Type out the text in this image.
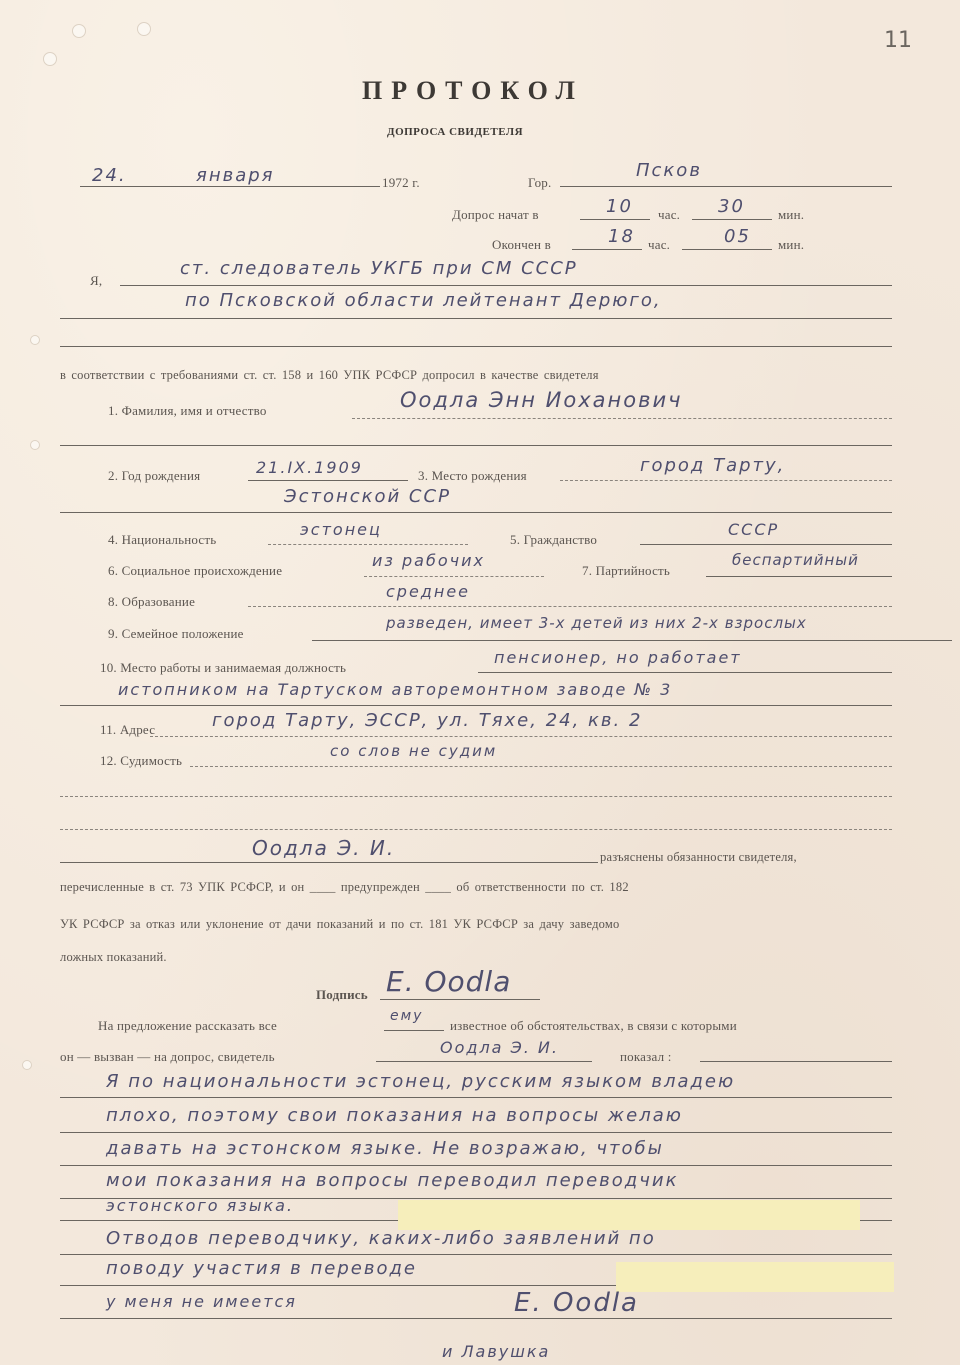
11
ПРОТОКОЛ
ДОПРОСА СВИДЕТЕЛЯ
24.	января	1972 г.	Гор.
Псков
Допрос начат в	10 час. 30	мин.
Окончен в	18 час.	05 мин.
Я,
ст. следователь УКГБ при СМ СССР
по Псковской области лейтенант Дерюго,
в соответствии с требованиями ст. ст. 158 и 160 УПК РСФСР допросил в качестве свидетеля
1. Фамилия, имя и отчество	Оодла Энн Иоханович
2. Год рождения	21.IX.1909	3. Место рождения	город Тарту,
Эстонской ССР
4. Национальность
эстонец
5. Гражданство
СССР
6. Социальное происхождение
из рабочих
7. Партийность
беспартийный
8. Образование
среднее
9. Семейное положение
разведен, имеет 3-х детей из них 2-х взрослых
10. Место работы и занимаемая должность
пенсионер, но работает
истопником на Тартуском авторемонтном заводе № 3
11. Адрес	город Тарту, ЭССР, ул. Тяхе, 24, кв. 2
12. Судимость
со слов не судим
Оодла Э. И.	разъяснены обязанности свидетеля,
перечисленные в ст. 73 УПК РСФСР, и он ____ предупрежден ____ об ответственности по ст. 182
УК РСФСР за отказ или уклонение от дачи показаний и по ст. 181 УК РСФСР за дачу заведомо
ложных показаний.
Подпись E. Oodla
На предложение рассказать все
ему
известное об обстоятельствах, в связи с которыми
он — вызван — на допрос, свидетель	Оодла Э. И.	показал :
Я по национальности эстонец, русским языком владею
плохо, поэтому свои показания на вопросы желаю
давать на эстонском языке. Не возражаю, чтобы
мои показания на вопросы переводил переводчик
эстонского языка.
Отводов переводчику, каких-либо заявлений по
поводу участия в переводе
у меня не имеется	E. Oodla
и Лавушка
